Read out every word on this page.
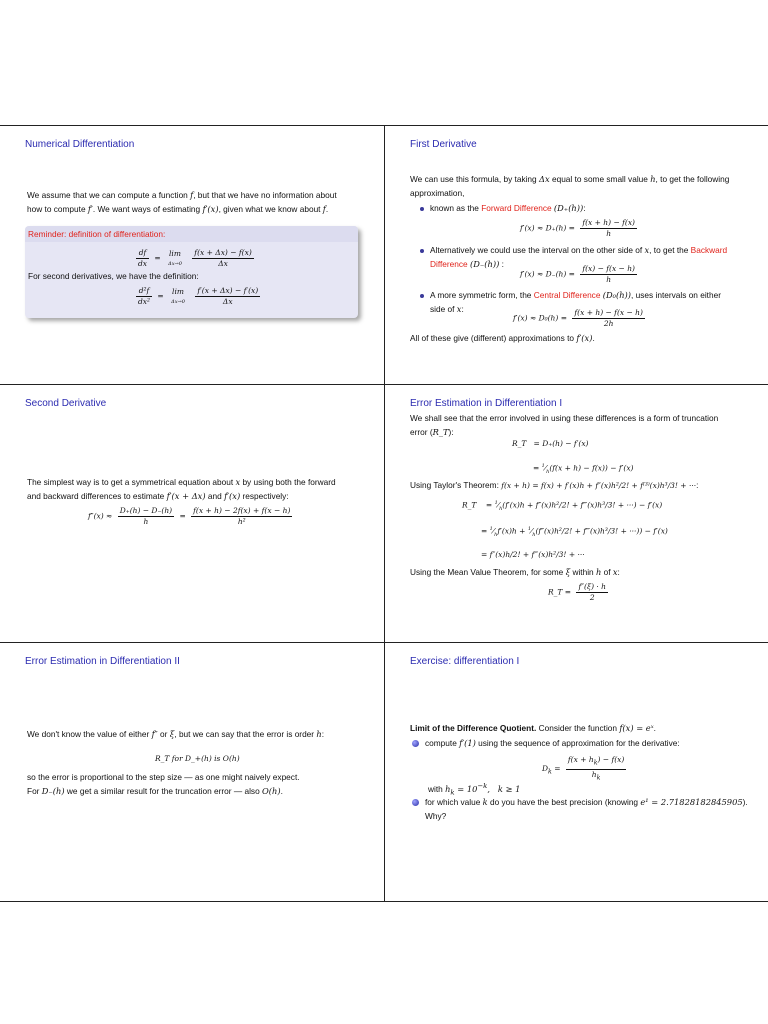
Numerical Differentiation
We assume that we can compute a function f, but that we have no information about
how to compute f′. We want ways of estimating f′(x), given what we know about f.
Reminder: definition of differentiation:
$\frac{df}{dx}$ =
lim
Δx→0
$\frac{f(x + \Delta x) - f(x)}{\Delta x}$
For second derivatives, we have the definition:
$\frac{\text{d²f}}{\text{dx²}}$ =
lim
Δx→0
$\frac{f'(x + \Delta x) - f'(x)}{\Delta x}$
First Derivative
We can use this formula, by taking Δx equal to some small value h, to get the following
approximation,
known as the Forward Difference (D₊(h)):
$f'(x) \approx D_+(h) = \frac{f(x + h) - f(x)}{h}$
Alternatively we could use the interval on the other side of x, to get the Backward
Difference (D₋(h)) :
$f'(x) \approx D_-(h) = \frac{f(x) - f(x - h)}{h}$
A more symmetric form, the Central Difference (D₀(h)), uses intervals on either
side of x:
$f'(x) \approx D_0(h) = \frac{f(x + h) - f(x - h)}{2h}$
All of these give (different) approximations to f′(x).
Second Derivative
The simplest way is to get a symmetrical equation about x by using both the forward
and backward differences to estimate f′(x + Δx) and f′(x) respectively:
$f''(x) \approx \frac{D_+(h) - D_-(h)}{h} = \frac{f(x + h) - 2f(x) + f(x - h)}{\text{h²}}$
Error Estimation in Differentiation I
We shall see that the error involved in using these differences is a form of truncation
error (R_T):
R_T   = D₊(h) − f′(x)
= $^1⁄_h(f(x + h) - f(x)) - f'(x)$
Using Taylor's Theorem: f(x + h) = f(x) + f′(x)h + f″(x)h²/2! + f⁽³⁾(x)h³/3! + ···:
R_T    = $^1⁄_h(f'(x)h + f''(x)h^2/2$! + f‴(x)h³/3! + ···) − f′(x)
= $^1⁄_hf'(x)h$ + $^1⁄_h(f''(x)h^2/2$! + f‴(x)h³/3! + ···)) − f′(x)
= f″(x)h/2! + f‴(x)h²/3! + ···
Using the Mean Value Theorem, for some ξ within h of x:
R_T = $\frac{f''(\xi) \cdot h}{2}$
Error Estimation in Differentiation II
We don't know the value of either f″ or ξ, but we can say that the error is order h:
R_T for D_+(h) is O(h)
so the error is proportional to the step size — as one might naively expect.
For D₋(h) we get a similar result for the truncation error — also O(h).
Exercise: differentiation I
Limit of the Difference Quotient. Consider the function f(x) = eˣ.
compute f′(1) using the sequence of approximation for the derivative:
$D_k = \frac{f(x + h_k) - f(x)}{h_k}$
with $h_k = 10^{-k}$,   k ≥ 1
for which value k do you have the best precision (knowing e¹ = 2.71828182845905).
Why?
